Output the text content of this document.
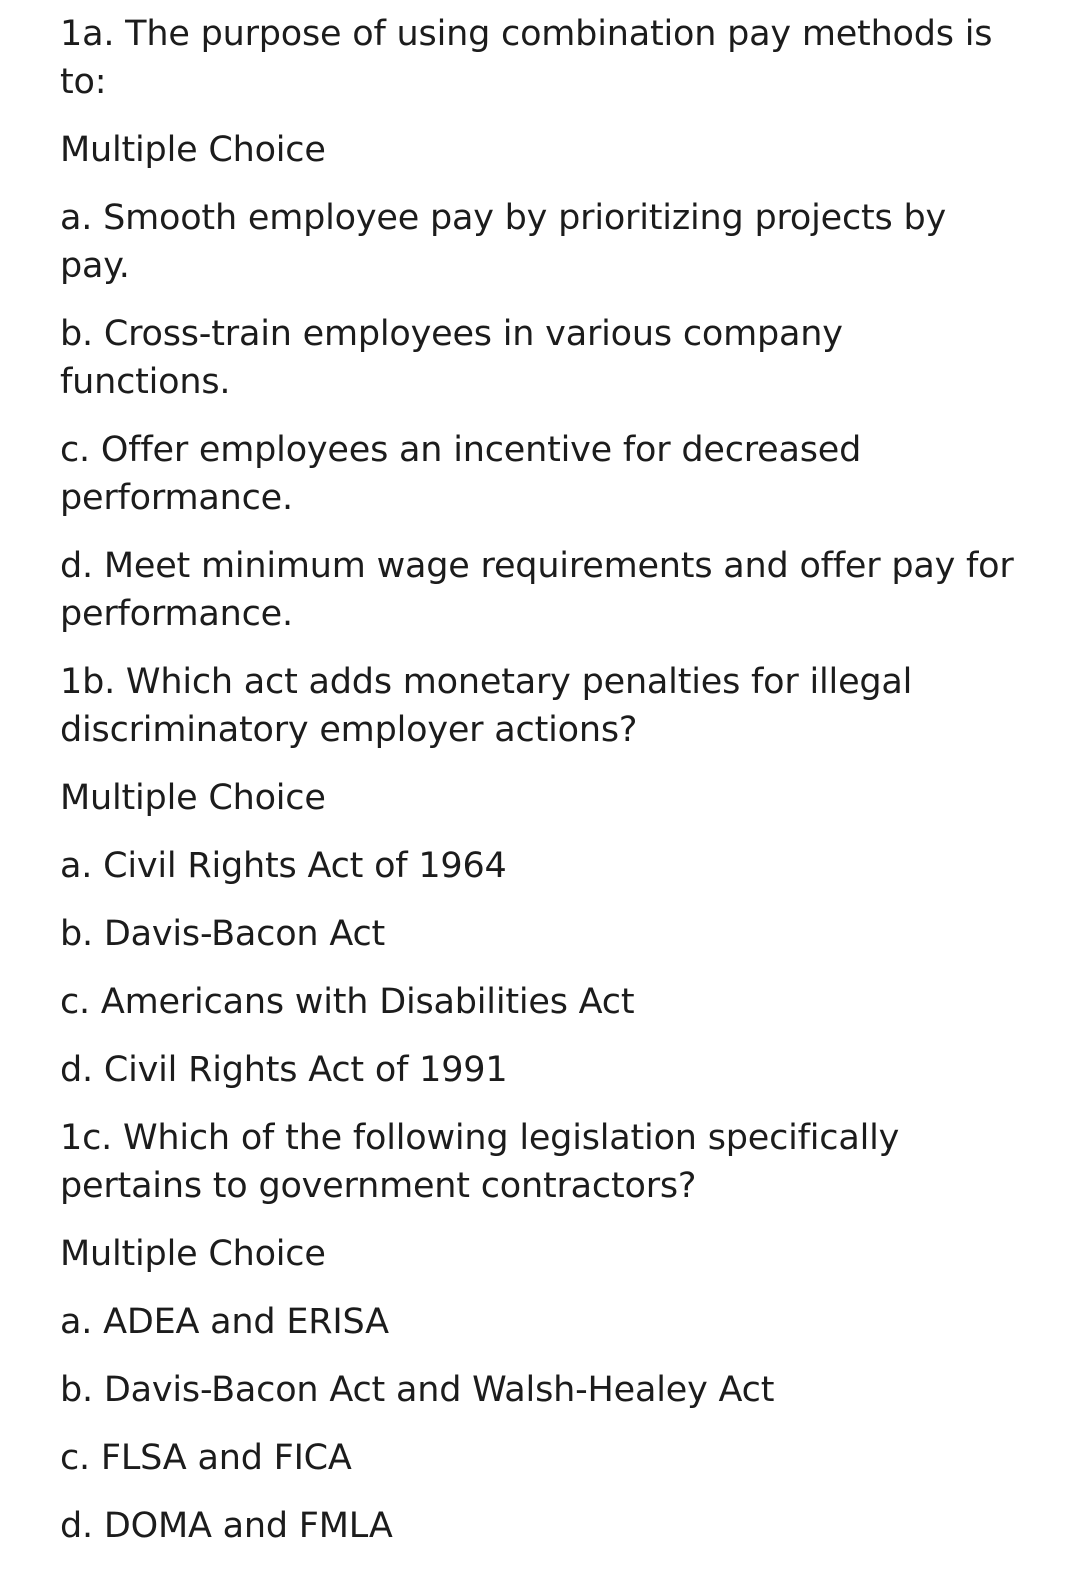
1a. The purpose of using combination pay methods is to:

Multiple Choice

a. Smooth employee pay by prioritizing projects by pay.

b. Cross-train employees in various company functions.

c. Offer employees an incentive for decreased performance.

d. Meet minimum wage requirements and offer pay for performance.

1b. Which act adds monetary penalties for illegal discriminatory employer actions?

Multiple Choice

a. Civil Rights Act of 1964

b. Davis-Bacon Act

c. Americans with Disabilities Act

d. Civil Rights Act of 1991

1c. Which of the following legislation specifically pertains to government contractors?

Multiple Choice

a. ADEA and ERISA

b. Davis-Bacon Act and Walsh-Healey Act

c. FLSA and FICA

d. DOMA and FMLA
